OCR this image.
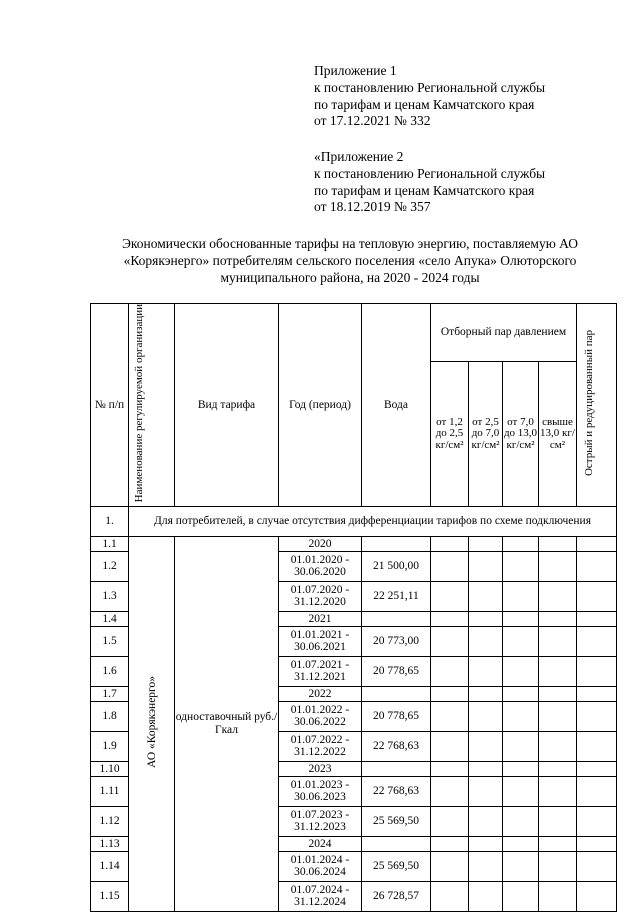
Приложение 1
к постановлению Региональной службы
по тарифам и ценам Камчатского края
от 17.12.2021 № 332
«Приложение 2
к постановлению Региональной службы
по тарифам и ценам Камчатского края
от 18.12.2019 № 357
Экономически обоснованные тарифы на тепловую энергию, поставляемую АО «Корякэнерго» потребителям сельского поселения «село Апука» Олюторского муниципального района, на 2020 - 2024 годы
№ п/п	Наименование регулируемой организации	Вид тарифа	Год (период)	Вода	Отборный пар давлением				Острый и редуцированный пар
					от 1,2 до 2,5 кг/см²	от 2,5 до 7,0 кг/см²	от 7,0 до 13,0 кг/см²	свыше 13,0 кг/см²	
1.	Для потребителей, в случае отсутствия дифференциации тарифов по схеме подключения								
1.1	АО «Корякэнерго»	одноставочный руб./Гкал	2020						
1.2			01.01.2020 - 30.06.2020	21 500,00					
1.3			01.07.2020 - 31.12.2020	22 251,11					
1.4			2021						
1.5			01.01.2021 - 30.06.2021	20 773,00					
1.6			01.07.2021 - 31.12.2021	20 778,65					
1.7			2022						
1.8			01.01.2022 - 30.06.2022	20 778,65					
1.9			01.07.2022 - 31.12.2022	22 768,63					
1.10			2023						
1.11			01.01.2023 - 30.06.2023	22 768,63					
1.12			01.07.2023 - 31.12.2023	25 569,50					
1.13			2024						
1.14			01.01.2024 - 30.06.2024	25 569,50					
1.15			01.07.2024 - 31.12.2024	26 728,57					
